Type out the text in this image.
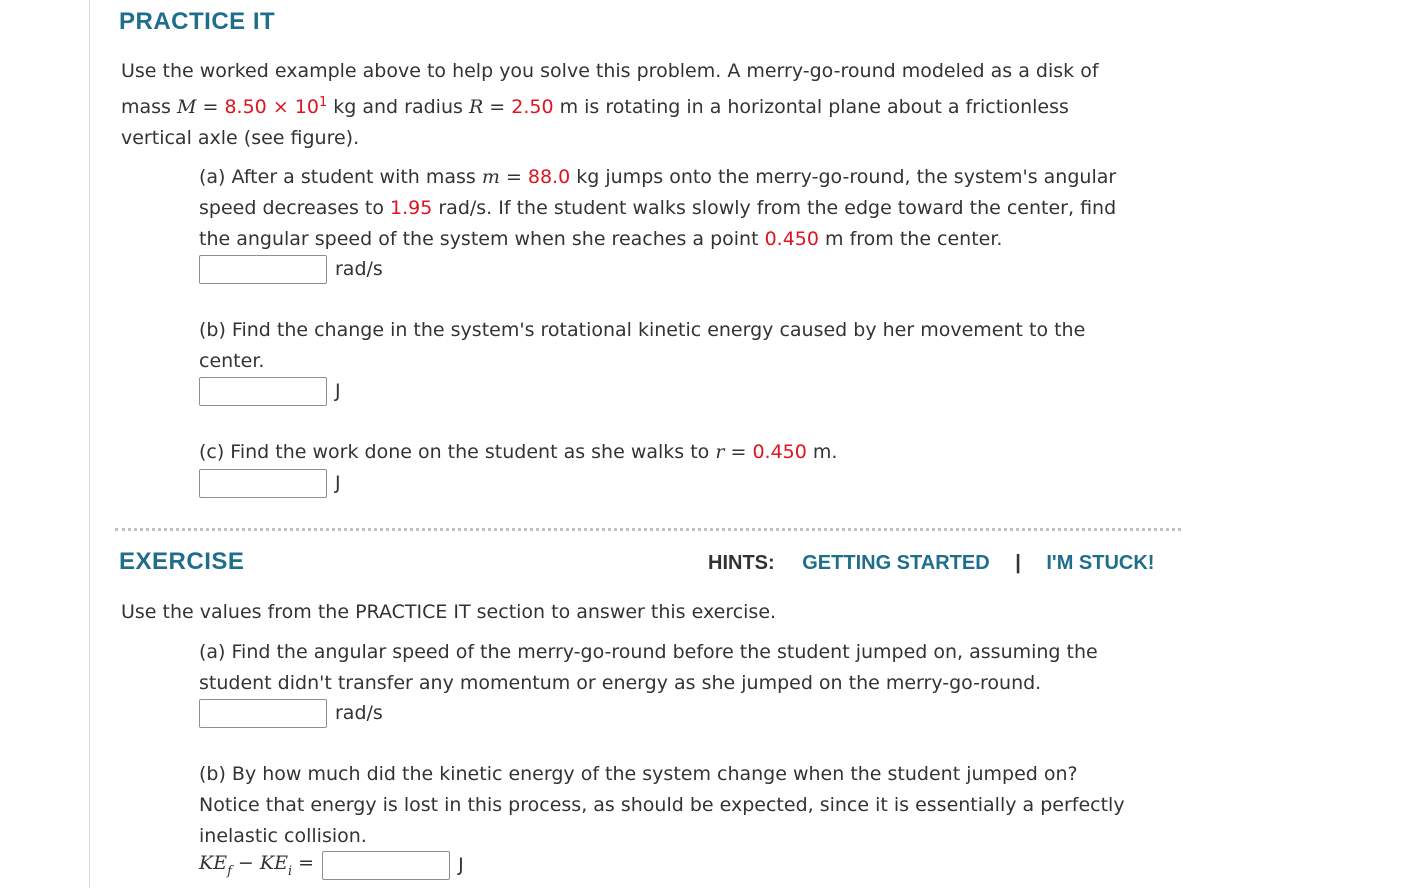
PRACTICE IT
Use the worked example above to help you solve this problem. A merry-go-round modeled as a disk of
mass $M = 8.50 \times 10^1$ kg and radius R = 2.50 m is rotating in a horizontal plane about a frictionless
vertical axle (see figure).
(a) After a student with mass m = 88.0 kg jumps onto the merry-go-round, the system's angular
speed decreases to 1.95 rad/s. If the student walks slowly from the edge toward the center, find
the angular speed of the system when she reaches a point 0.450 m from the center.
rad/s
(b) Find the change in the system's rotational kinetic energy caused by her movement to the
center.
J
(c) Find the work done on the student as she walks to r = 0.450 m.
J
EXERCISE	HINTS: GETTING STARTED | I'M STUCK!
Use the values from the PRACTICE IT section to answer this exercise.
(a) Find the angular speed of the merry-go-round before the student jumped on, assuming the
student didn't transfer any momentum or energy as she jumped on the merry-go-round.
rad/s
(b) By how much did the kinetic energy of the system change when the student jumped on?
Notice that energy is lost in this process, as should be expected, since it is essentially a perfectly
inelastic collision.
$KE_f - KE_i$ =	J
